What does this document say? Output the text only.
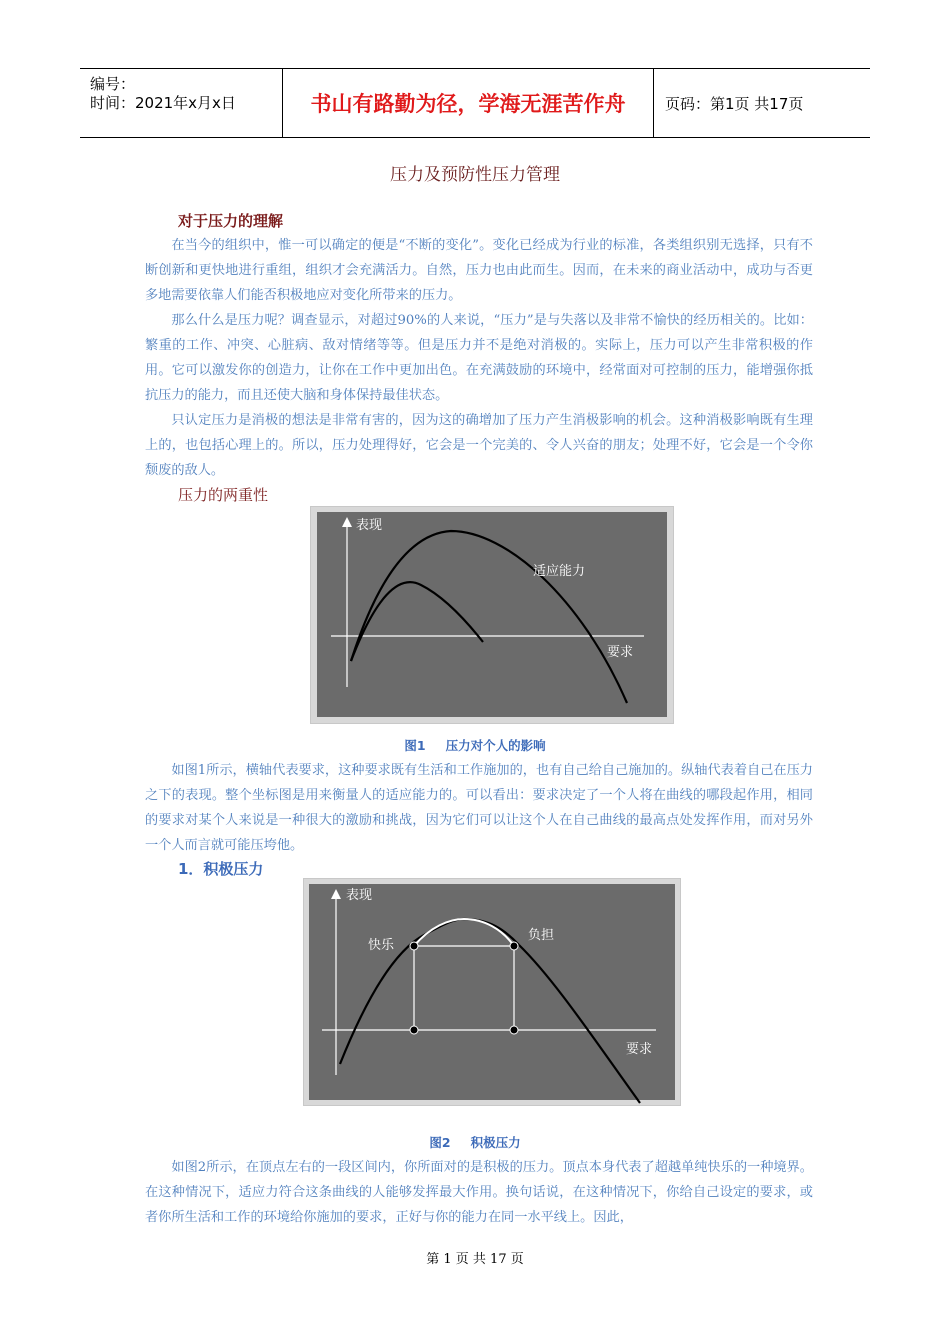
编号：
时间：2021年x月x日	书山有路勤为径，学海无涯苦作舟	页码：第1页 共17页
压力及预防性压力管理
对于压力的理解

在当今的组织中，惟一可以确定的便是“不断的变化”。变化已经成为行业的标准，各类组织别无选择，只有不断创新和更快地进行重组，组织才会充满活力。自然，压力也由此而生。因而，在未来的商业活动中，成功与否更多地需要依靠人们能否积极地应对变化所带来的压力。

那么什么是压力呢？调查显示，对超过90%的人来说，“压力”是与失落以及非常不愉快的经历相关的。比如：繁重的工作、冲突、心脏病、敌对情绪等等。但是压力并不是绝对消极的。实际上，压力可以产生非常积极的作用。它可以激发你的创造力，让你在工作中更加出色。在充满鼓励的环境中，经常面对可控制的压力，能增强你抵抗压力的能力，而且还使大脑和身体保持最佳状态。

只认定压力是消极的想法是非常有害的，因为这的确增加了压力产生消极影响的机会。这种消极影响既有生理上的，也包括心理上的。所以，压力处理得好，它会是一个完美的、令人兴奋的朋友；处理不好，它会是一个令你颓废的敌人。

压力的两重性
表现
适应能力
要求
图1 压力对个人的影响

如图1所示，横轴代表要求，这种要求既有生活和工作施加的，也有自己给自己施加的。纵轴代表着自己在压力之下的表现。整个坐标图是用来衡量人的适应能力的。可以看出：要求决定了一个人将在曲线的哪段起作用，相同的要求对某个人来说是一种很大的激励和挑战，因为它们可以让这个人在自己曲线的最高点处发挥作用，而对另外一个人而言就可能压垮他。

1．积极压力
表现
快乐
负担
要求
图2 积极压力

如图2所示，在顶点左右的一段区间内，你所面对的是积极的压力。顶点本身代表了超越单纯快乐的一种境界。在这种情况下，适应力符合这条曲线的人能够发挥最大作用。换句话说，在这种情况下，你给自己设定的要求，或者你所生活和工作的环境给你施加的要求，正好与你的能力在同一水平线上。因此，

第 1 页 共 17 页
